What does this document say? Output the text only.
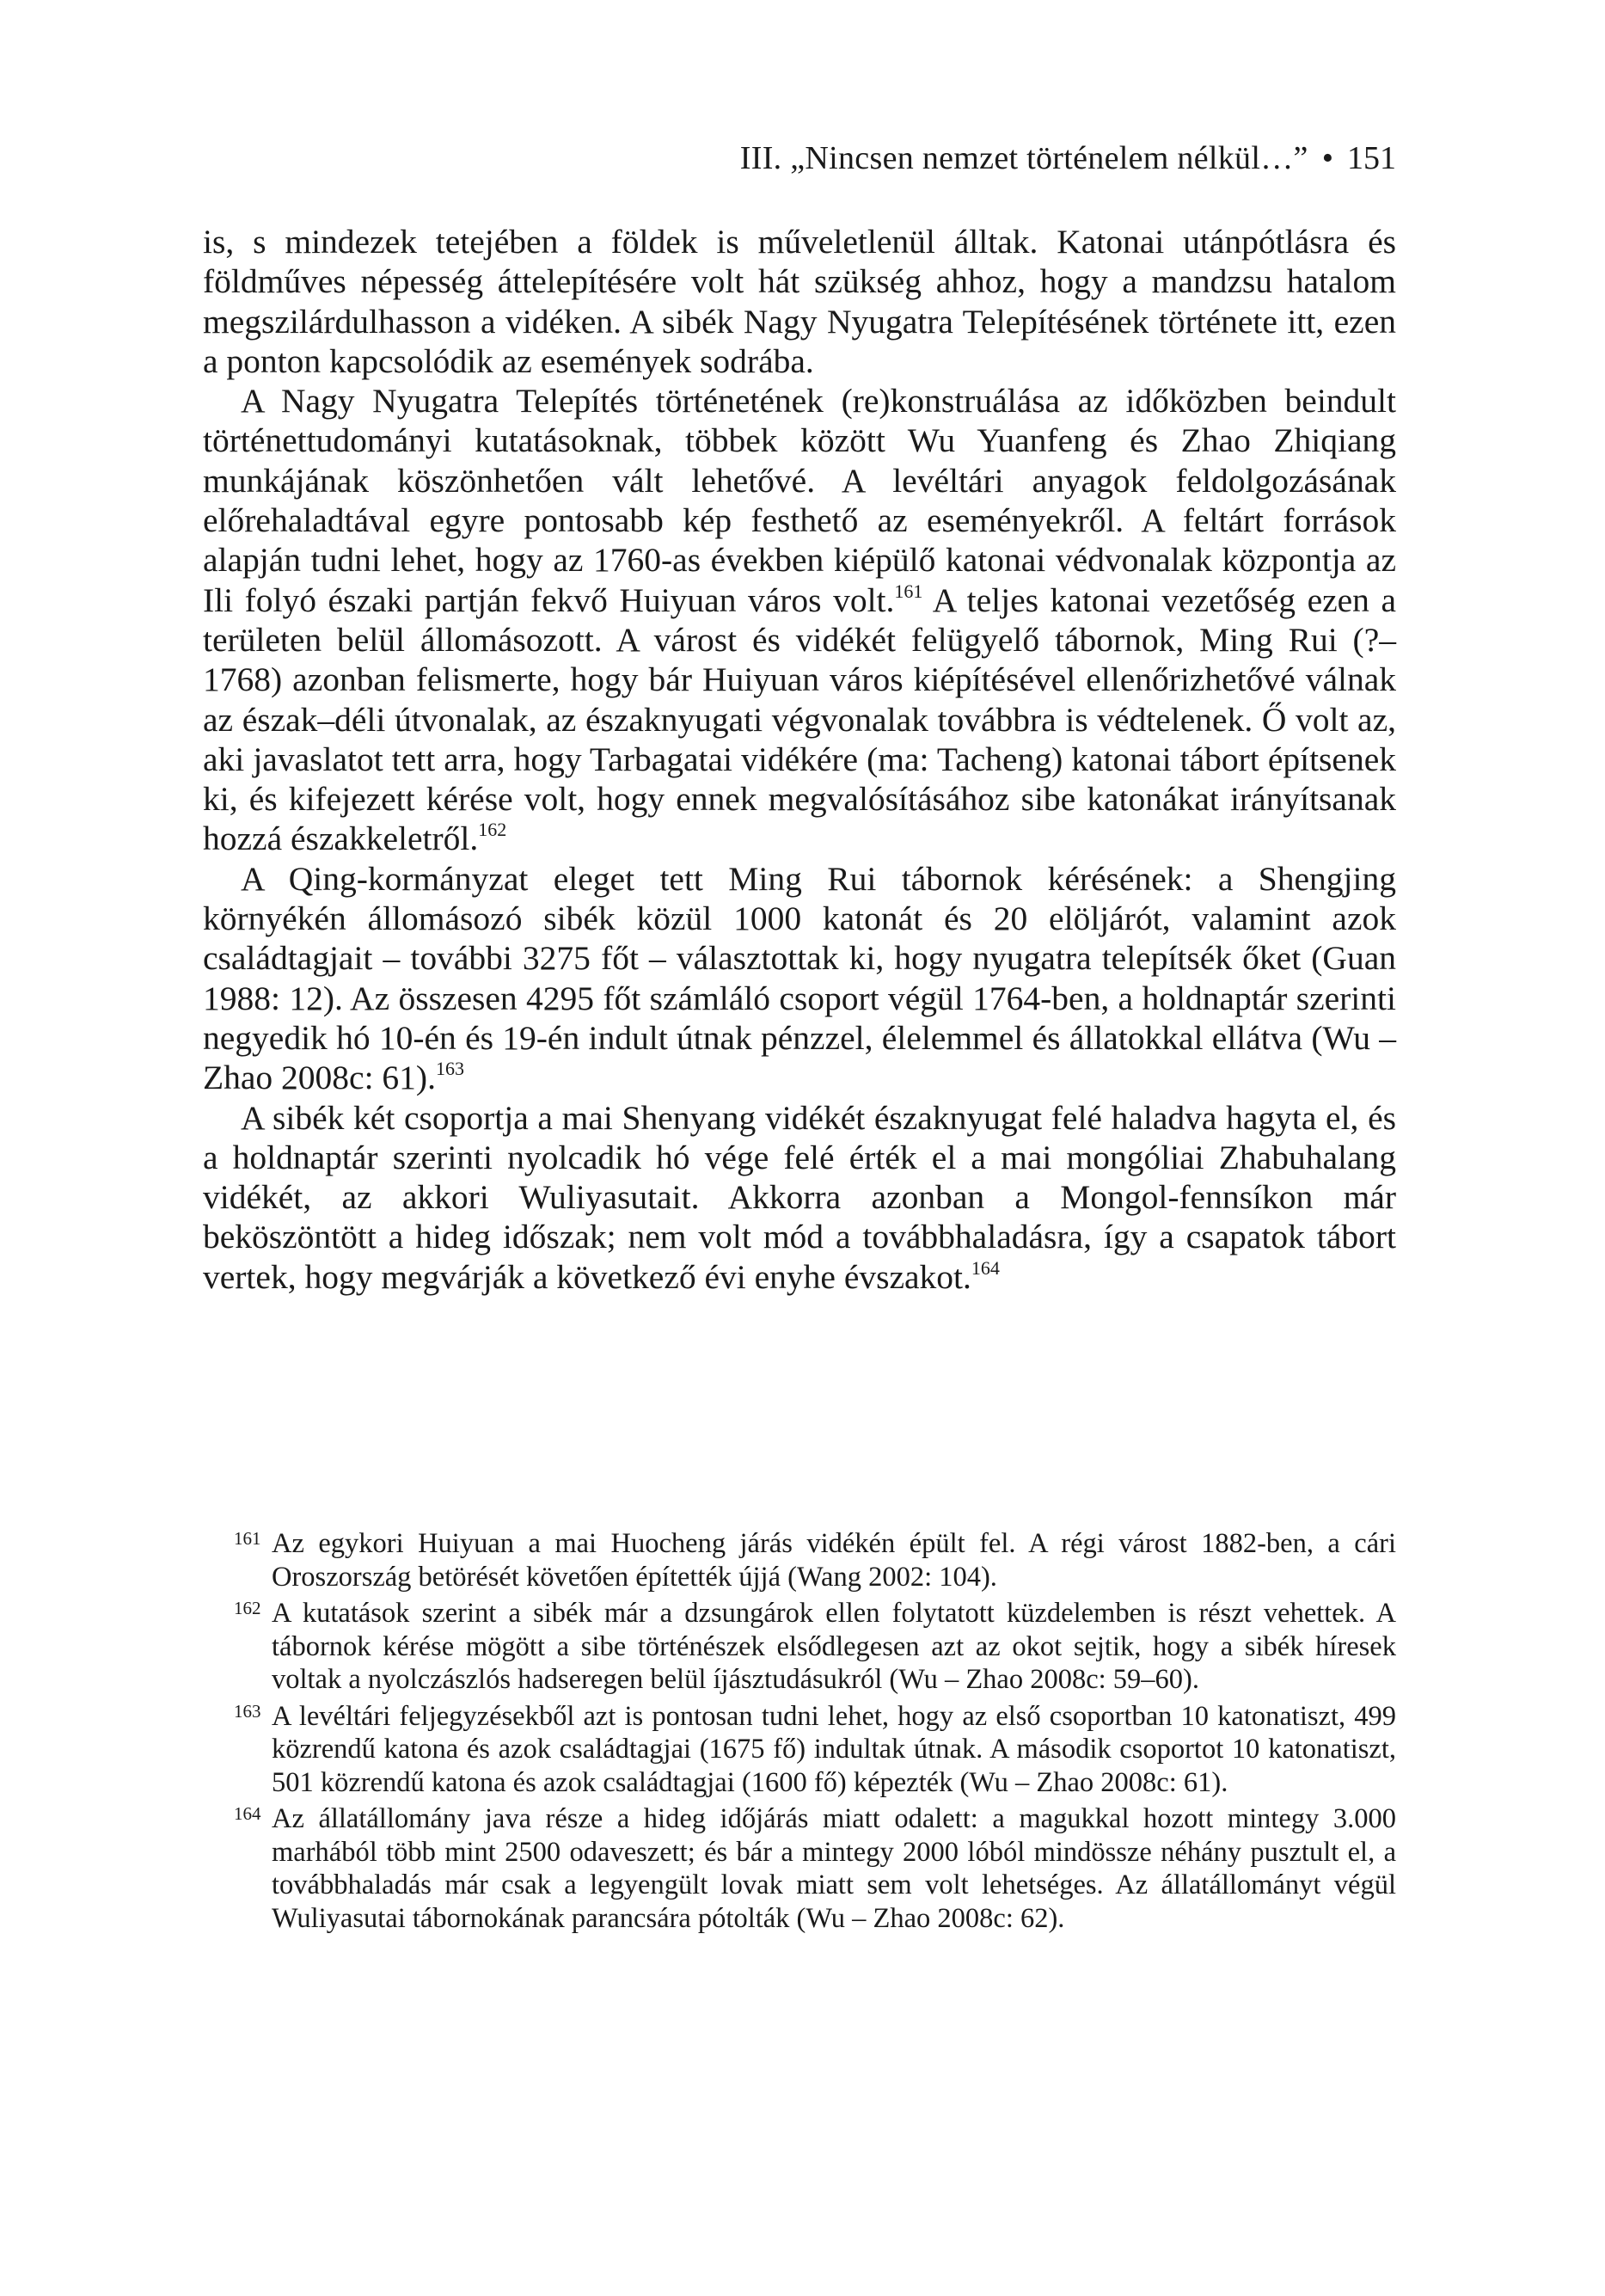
III. „Nincsen nemzet történelem nélkül…” • 151

is, s mindezek tetejében a földek is műveletlenül álltak. Katonai utánpótlásra és földműves népesség áttelepítésére volt hát szükség ahhoz, hogy a mandzsu hatalom megszilárdulhasson a vidéken. A sibék Nagy Nyugatra Telepítésének története itt, ezen a ponton kapcsolódik az események sodrába.

A Nagy Nyugatra Telepítés történetének (re)konstruálása az időközben beindult történettudományi kutatásoknak, többek között Wu Yuanfeng és Zhao Zhiqiang munkájának köszönhetően vált lehetővé. A levéltári anyagok feldolgozásának előrehaladtával egyre pontosabb kép festhető az eseményekről. A feltárt források alapján tudni lehet, hogy az 1760-as években kiépülő katonai védvonalak központja az Ili folyó északi partján fekvő Huiyuan város volt.$^{161}$ A teljes katonai vezetőség ezen a területen belül állomásozott. A várost és vidékét felügyelő tábornok, Ming Rui (?–1768) azonban felismerte, hogy bár Huiyuan város kiépítésével ellenőrizhetővé válnak az észak–déli útvonalak, az északnyugati végvonalak továbbra is védtelenek. Ő volt az, aki javaslatot tett arra, hogy Tarbagatai vidékére (ma: Tacheng) katonai tábort építsenek ki, és kifejezett kérése volt, hogy ennek megvalósításához sibe katonákat irányítsanak hozzá északkeletről.$^{162}$

A Qing-kormányzat eleget tett Ming Rui tábornok kérésének: a Shengjing környékén állomásozó sibék közül 1000 katonát és 20 elöljárót, valamint azok családtagjait – további 3275 főt – választottak ki, hogy nyugatra telepítsék őket (Guan 1988: 12). Az összesen 4295 főt számláló csoport végül 1764-ben, a holdnaptár szerinti negyedik hó 10-én és 19-én indult útnak pénzzel, élelemmel és állatokkal ellátva (Wu – Zhao 2008c: 61).$^{163}$

A sibék két csoportja a mai Shenyang vidékét északnyugat felé haladva hagyta el, és a holdnaptár szerinti nyolcadik hó vége felé érték el a mai mongóliai Zhabuhalang vidékét, az akkori Wuliyasutait. Akkorra azonban a Mongol-fennsíkon már beköszöntött a hideg időszak; nem volt mód a továbbhaladásra, így a csapatok tábort vertek, hogy megvárják a következő évi enyhe évszakot.$^{164}$

161 Az egykori Huiyuan a mai Huocheng járás vidékén épült fel. A régi várost 1882-ben, a cári Oroszország betörését követően építették újjá (Wang 2002: 104).
162 A kutatások szerint a sibék már a dzsungárok ellen folytatott küzdelemben is részt vehettek. A tábornok kérése mögött a sibe történészek elsődlegesen azt az okot sejtik, hogy a sibék híresek voltak a nyolczászlós hadseregen belül íjásztudásukról (Wu – Zhao 2008c: 59–60).
163 A levéltári feljegyzésekből azt is pontosan tudni lehet, hogy az első csoportban 10 katonatiszt, 499 közrendű katona és azok családtagjai (1675 fő) indultak útnak. A második csoportot 10 katonatiszt, 501 közrendű katona és azok családtagjai (1600 fő) képezték (Wu – Zhao 2008c: 61).
164 Az állatállomány java része a hideg időjárás miatt odalett: a magukkal hozott mintegy 3.000 marhából több mint 2500 odaveszett; és bár a mintegy 2000 lóból mindössze néhány pusztult el, a továbbhaladás már csak a legyengült lovak miatt sem volt lehetséges. Az állatállományt végül Wuliyasutai tábornokának parancsára pótolták (Wu – Zhao 2008c: 62).
